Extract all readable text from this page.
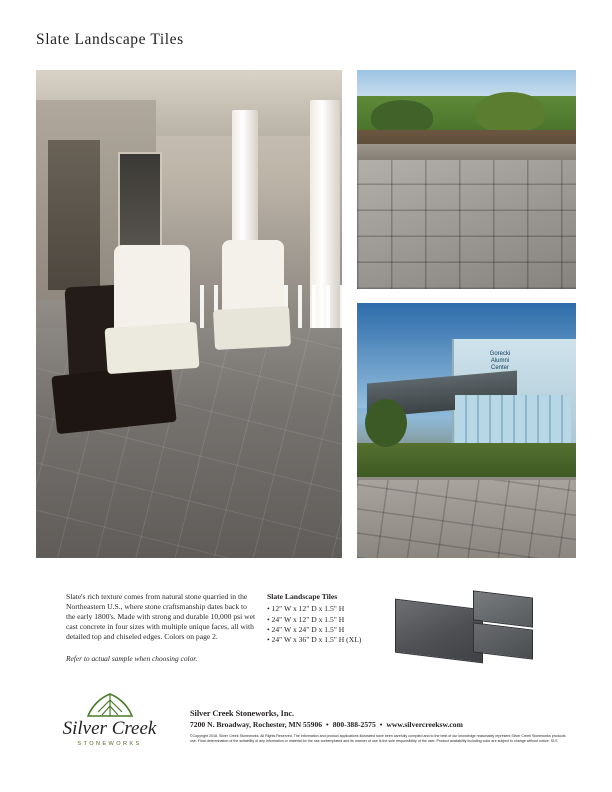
Slate Landscape Tiles
Gorecki
Alumni
Center
Slate's rich texture comes from natural stone quarried in the Northeastern U.S., where stone craftsmanship dates back to the early 1800's. Made with strong and durable 10,000 psi wet cast concrete in four sizes with multiple unique faces, all with detailed top and chiseled edges. Colors on page 2.
Refer to actual sample when choosing color.
Slate Landscape Tiles
• 12" W x 12" D x 1.5" H
• 24" W x 12" D x 1.5" H
• 24" W x 24" D x 1.5" H
• 24" W x 36" D x 1.5" H (XL)
Silver Creek
STONEWORKS
Silver Creek Stoneworks, Inc.
7200 N. Broadway, Rochester, MN 55906 • 800-388-2575 • www.silvercreeksw.com
©Copyright 2018, Silver Creek Stoneworks. All Rights Reserved. The information and product applications illustrated have been carefully compiled and to the best of our knowledge reasonably represent Silver Creek Stoneworks products use. Final determination of the suitability of any information or material for the use contemplated and its manner of use is the sole responsibility of the user. Product availability including color are subject to change without notice. SLS
